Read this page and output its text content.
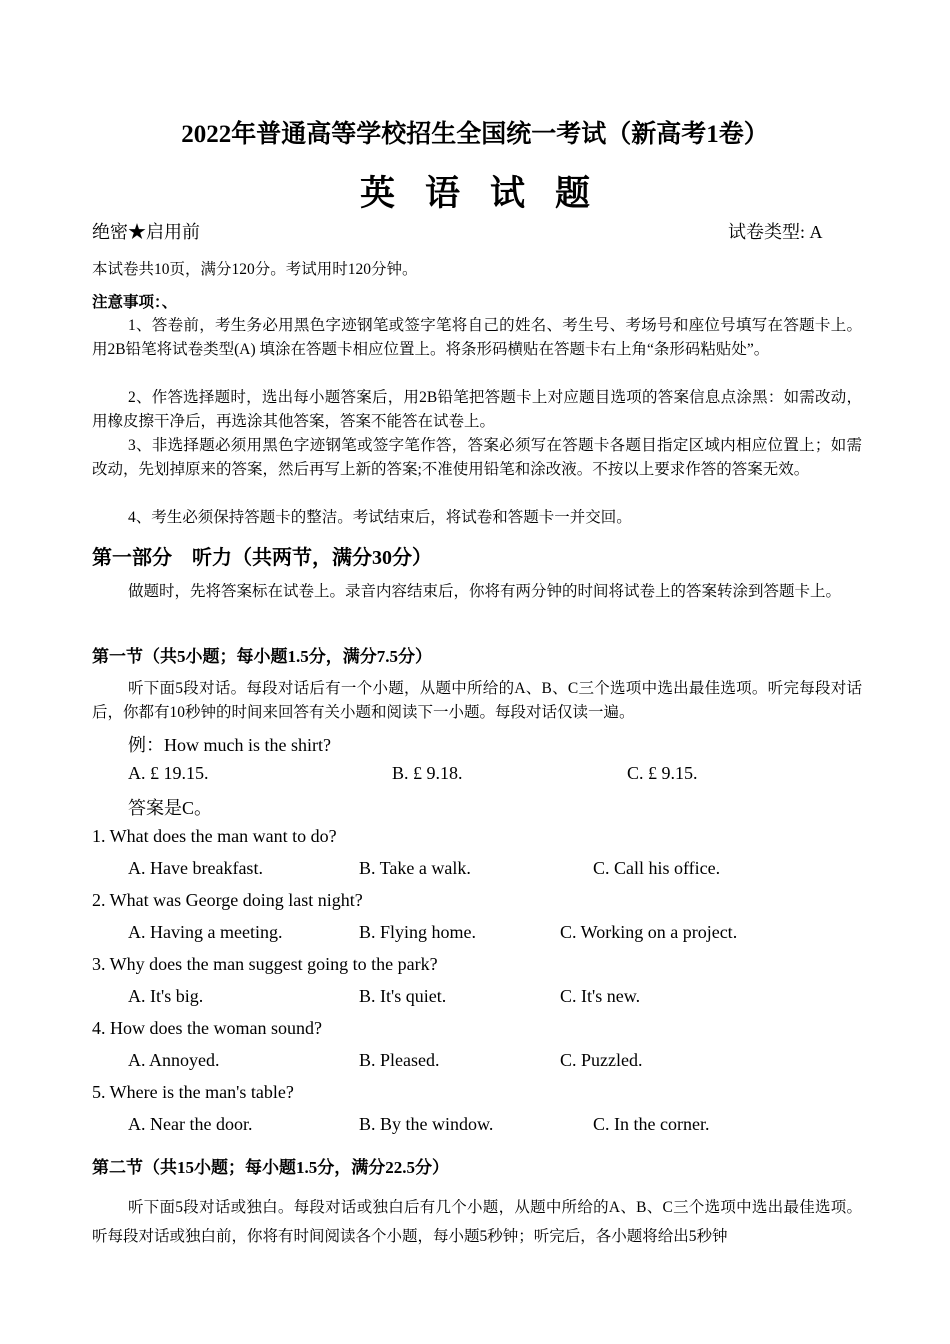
2022年普通高等学校招生全国统一考试（新高考1卷）
英语试题
绝密★启用前	试卷类型: A
本试卷共10页，满分120分。考试用时120分钟。
注意事项：、
1、答卷前，考生务必用黑色字迹钢笔或签字笔将自己的姓名、考生号、考场号和座位号填写在答题卡上。用2B铅笔将试卷类型(A) 填涂在答题卡相应位置上。将条形码横贴在答题卡右上角“条形码粘贴处”。
2、作答选择题时，选出每小题答案后，用2B铅笔把答题卡上对应题目选项的答案信息点涂黑：如需改动，用橡皮擦干净后，再选涂其他答案，答案不能答在试卷上。
3、非选择题必须用黑色字迹钢笔或签字笔作答，答案必须写在答题卡各题目指定区域内相应位置上；如需改动，先划掉原来的答案，然后再写上新的答案;不准使用铅笔和涂改液。不按以上要求作答的答案无效。
4、考生必须保持答题卡的整洁。考试结束后，将试卷和答题卡一并交回。
第一部分　听力（共两节，满分30分）
做题时，先将答案标在试卷上。录音内容结束后，你将有两分钟的时间将试卷上的答案转涂到答题卡上。
第一节（共5小题；每小题1.5分，满分7.5分）
听下面5段对话。每段对话后有一个小题，从题中所给的A、B、C三个选项中选出最佳选项。听完每段对话后，你都有10秒钟的时间来回答有关小题和阅读下一小题。每段对话仅读一遍。
例：How much is the shirt?
A. £ 19.15.	B. £ 9.18.	C. £ 9.15.
答案是C。
1. What does the man want to do?
A. Have breakfast.	B. Take a walk.	C. Call his office.
2. What was George doing last night?
A. Having a meeting.	B. Flying home.	C. Working on a project.
3. Why does the man suggest going to the park?
A. It's big.	B. It's quiet.	C. It's new.
4. How does the woman sound?
A. Annoyed.	B. Pleased.	C. Puzzled.
5. Where is the man's table?
A. Near the door.	B. By the window.	C. In the corner.
第二节（共15小题；每小题1.5分，满分22.5分）
听下面5段对话或独白。每段对话或独白后有几个小题，从题中所给的A、B、C三个选项中选出最佳选项。听每段对话或独白前，你将有时间阅读各个小题，每小题5秒钟；听完后，各小题将给出5秒钟
